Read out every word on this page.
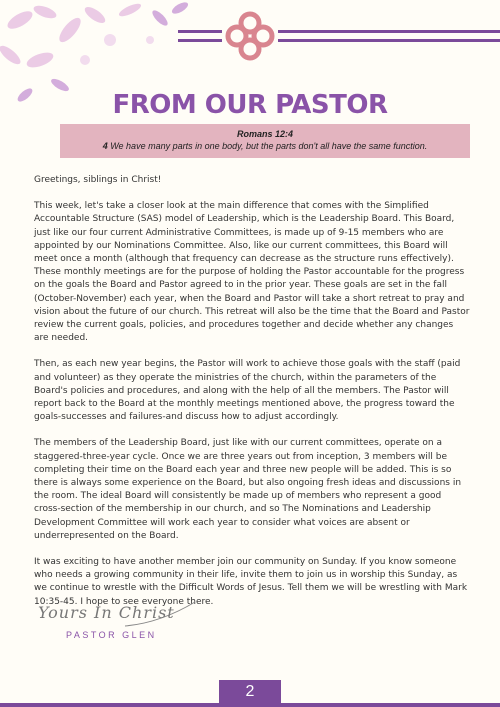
FROM OUR PASTOR
Romans 12:4
4 We have many parts in one body, but the parts don't all have the same function.

Greetings, siblings in Christ!

This week, let's take a closer look at the main difference that comes with the Simplified Accountable Structure (SAS) model of Leadership, which is the Leadership Board. This Board, just like our four current Administrative Committees, is made up of 9-15 members who are appointed by our Nominations Committee. Also, like our current committees, this Board will meet once a month (although that frequency can decrease as the structure runs effectively). These monthly meetings are for the purpose of holding the Pastor accountable for the progress on the goals the Board and Pastor agreed to in the prior year. These goals are set in the fall (October-November) each year, when the Board and Pastor will take a short retreat to pray and vision about the future of our church. This retreat will also be the time that the Board and Pastor review the current goals, policies, and procedures together and decide whether any changes are needed.

Then, as each new year begins, the Pastor will work to achieve those goals with the staff (paid and volunteer) as they operate the ministries of the church, within the parameters of the Board's policies and procedures, and along with the help of all the members. The Pastor will report back to the Board at the monthly meetings mentioned above, the progress toward the goals-successes and failures-and discuss how to adjust accordingly.

The members of the Leadership Board, just like with our current committees, operate on a staggered-three-year cycle. Once we are three years out from inception, 3 members will be completing their time on the Board each year and three new people will be added. This is so there is always some experience on the Board, but also ongoing fresh ideas and discussions in the room. The ideal Board will consistently be made up of members who represent a good cross-section of the membership in our church, and so The Nominations and Leadership Development Committee will work each year to consider what voices are absent or underrepresented on the Board.

It was exciting to have another member join our community on Sunday. If you know someone who needs a growing community in their life, invite them to join us in worship this Sunday, as we continue to wrestle with the Difficult Words of Jesus. Tell them we will be wrestling with Mark 10:35-45. I hope to see everyone there.

Yours In Christ
PASTOR GLEN
2
